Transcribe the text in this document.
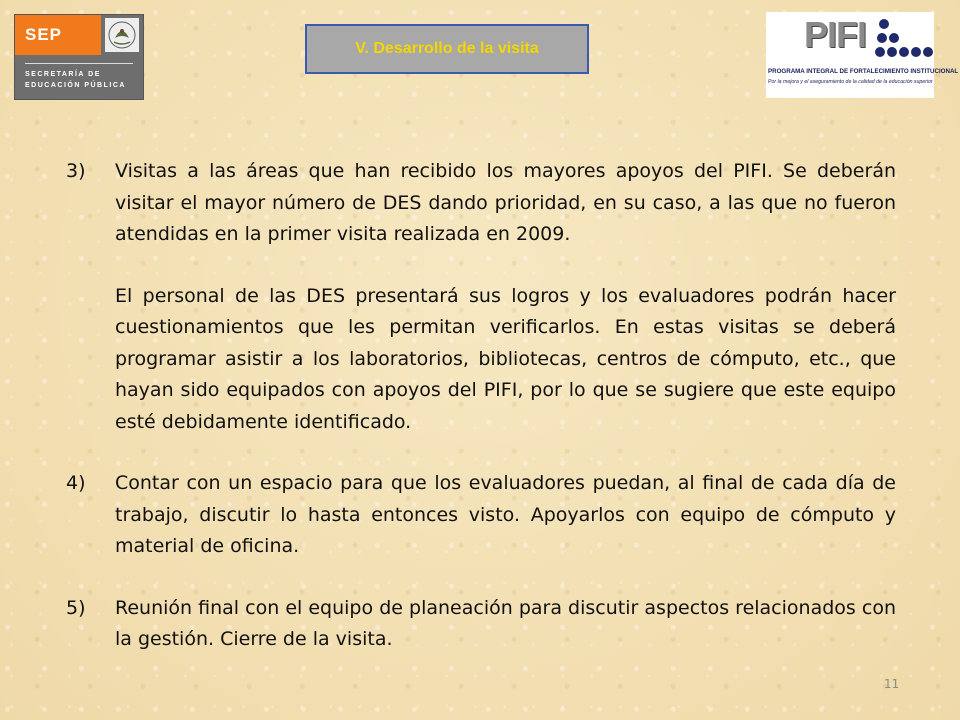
SEP
SECRETARÍA DE
EDUCACIÓN PÚBLICA
V. Desarrollo de la visita	PIFI
PROGRAMA INTEGRAL DE FORTALECIMIENTO INSTITUCIONAL
Por la mejora y el aseguramiento de la calidad de la educación superior
3)	Visitas a las áreas que han recibido los mayores apoyos del PIFI. Se deberán visitar el mayor número de DES dando prioridad, en su caso, a las que no fueron atendidas en la primer visita realizada en 2009.

El personal de las DES presentará sus logros y los evaluadores podrán hacer cuestionamientos que les permitan verificarlos. En estas visitas se deberá programar asistir a los laboratorios, bibliotecas, centros de cómputo, etc., que hayan sido equipados con apoyos del PIFI, por lo que se sugiere que este equipo esté debidamente identificado.

4)	Contar con un espacio para que los evaluadores puedan, al final de cada día de trabajo, discutir lo hasta entonces visto. Apoyarlos con equipo de cómputo y material de oficina.

5)	Reunión final con el equipo de planeación para discutir aspectos relacionados con la gestión. Cierre de la visita.

11
